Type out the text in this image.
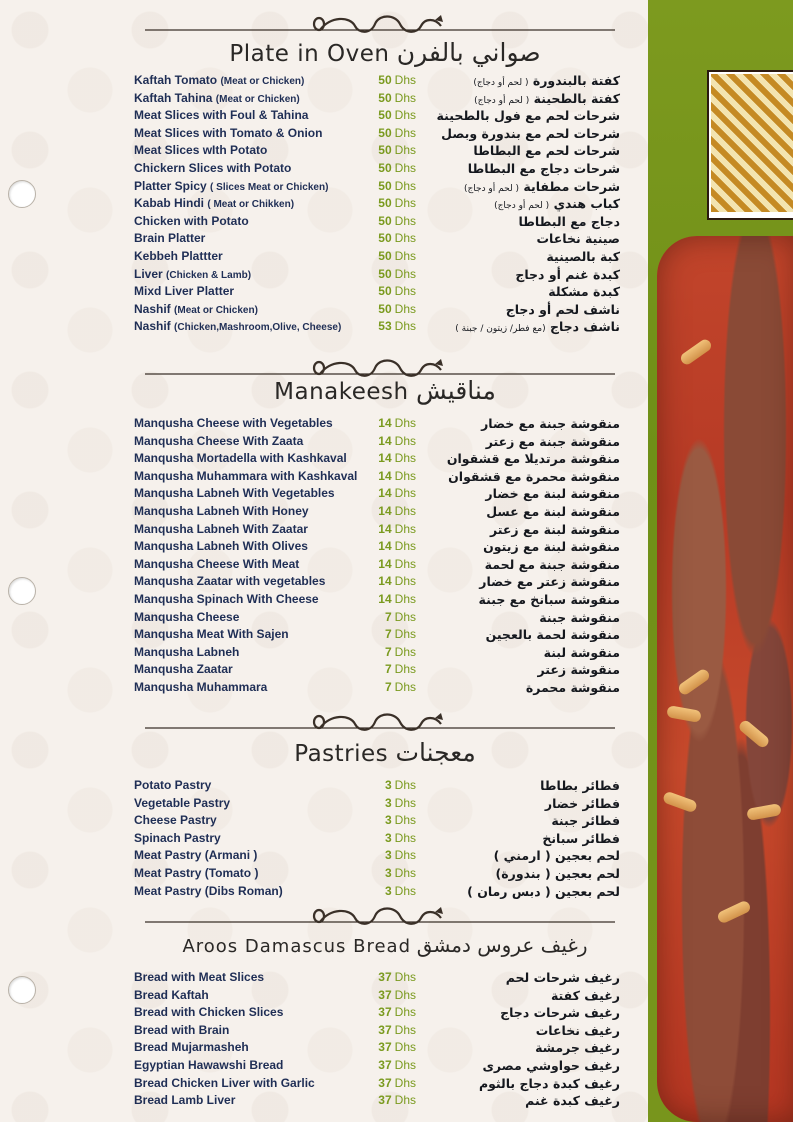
Plate in Oven صواني بالفرن
Kaftah Tomato (Meat or Chicken)	50 Dhs	كفتة بالبندورة ( لحم أو دجاج)
Kaftah Tahina (Meat or Chicken)	50 Dhs	كفتة بالطحينة ( لحم أو دجاج)
Meat Slices with Foul & Tahina	50 Dhs شرحات لحم مع فول بالطحينة
Meat Slices with Tomato & Onion	50 Dhs شرحات لحم مع بندورة وبصل
Meat Slices wIth Potato	50 Dhs	شرحات لحم مع البطاطا
Chickern Slices with Potato	50 Dhs	شرحات دجاج مع البطاطا
Platter Spicy ( Slices Meat or Chicken)	50 Dhs	شرحات مطفاية ( لحم أو دجاج)
Kabab Hindi ( Meat or Chikken)	50 Dhs	كباب هندي ( لحم أو دجاج)
Chicken with Potato	50 Dhs	دجاج مع البطاطا
Brain Platter	50 Dhs	صينية نخاعات
Kebbeh Plattter	50 Dhs	كبة بالصينية
Liver (Chicken & Lamb)	50 Dhs	كبدة غنم أو دجاج
Mixd Liver Platter	50 Dhs	كبدة مشكلة
Nashif (Meat or Chicken)	50 Dhs	ناشف لحم أو دجاج
Nashif (Chicken,Mashroom,Olive, Cheese)	53 Dhs	ناشف دجاج (مع فطر/ زيتون / جبنة )
Manakeesh مناقيش
Manqusha Cheese with Vegetables	14 Dhs	منقوشة جبنة مع خضار
Manqusha Cheese With Zaata	14 Dhs	منقوشة جبنة مع زعتر
Manqusha Mortadella with Kashkaval	14 Dhs منقوشة مرتديلا مع قشقوان
Manqusha Muhammara with Kashkaval	14 Dhs	منقوشة محمرة مع قشقوان
Manqusha Labneh With Vegetables	14 Dhs	منقوشة لبنة مع خضار
Manqusha Labneh With Honey	14 Dhs	منقوشة لبنة مع عسل
Manqusha Labneh With Zaatar	14 Dhs	منقوشة لبنة مع زعتر
Manqusha Labneh With Olives	14 Dhs	منقوشة لبنة مع زيتون
Manqusha Cheese With Meat	14 Dhs	منقوشة جبنة مع لحمة
Manqusha Zaatar with vegetables	14 Dhs	منقوشة زعتر مع خضار
Manqusha Spinach With Cheese	14 Dhs	منقوشة سبانخ مع جبنة
Manqusha Cheese	7 Dhs	منقوشة جبنة
Manqusha Meat With Sajen	7 Dhs	منقوشة لحمة بالعجين
Manqusha Labneh	7 Dhs	منقوشة لبنة
Manqusha Zaatar	7 Dhs	منقوشة زعتر
Manqusha Muhammara	7 Dhs	منقوشة محمرة
Pastries معجنات
Potato Pastry	3 Dhs	فطائر بطاطا
Vegetable Pastry	3 Dhs	فطائر خضار
Cheese Pastry	3 Dhs	فطائر جبنة
Spinach Pastry	3 Dhs	فطائر سبانخ
Meat Pastry (Armani )	3 Dhs	لحم بعجين ( ارمني )
Meat Pastry (Tomato )	3 Dhs	لحم بعجين ( بندورة)
Meat Pastry (Dibs Roman)	3 Dhs	لحم بعجين ( دبس رمان )
Aroos Damascus Bread رغيف عروس دمشق
Bread with Meat Slices	37 Dhs	رغيف شرحات لحم
Bread Kaftah	37 Dhs	رغيف كفتة
Bread with Chicken Slices	37 Dhs	رغيف شرحات دجاج
Bread with Brain	37 Dhs	رغيف نخاعات
Bread Mujarmasheh	37 Dhs	رغيف جرمشة
Egyptian Hawawshi Bread	37 Dhs	رغيف حواوشي مصرى
Bread Chicken Liver with Garlic	37 Dhs	رغيف كبدة دجاج بالثوم
Bread Lamb Liver	37 Dhs	رغيف كبدة غنم
